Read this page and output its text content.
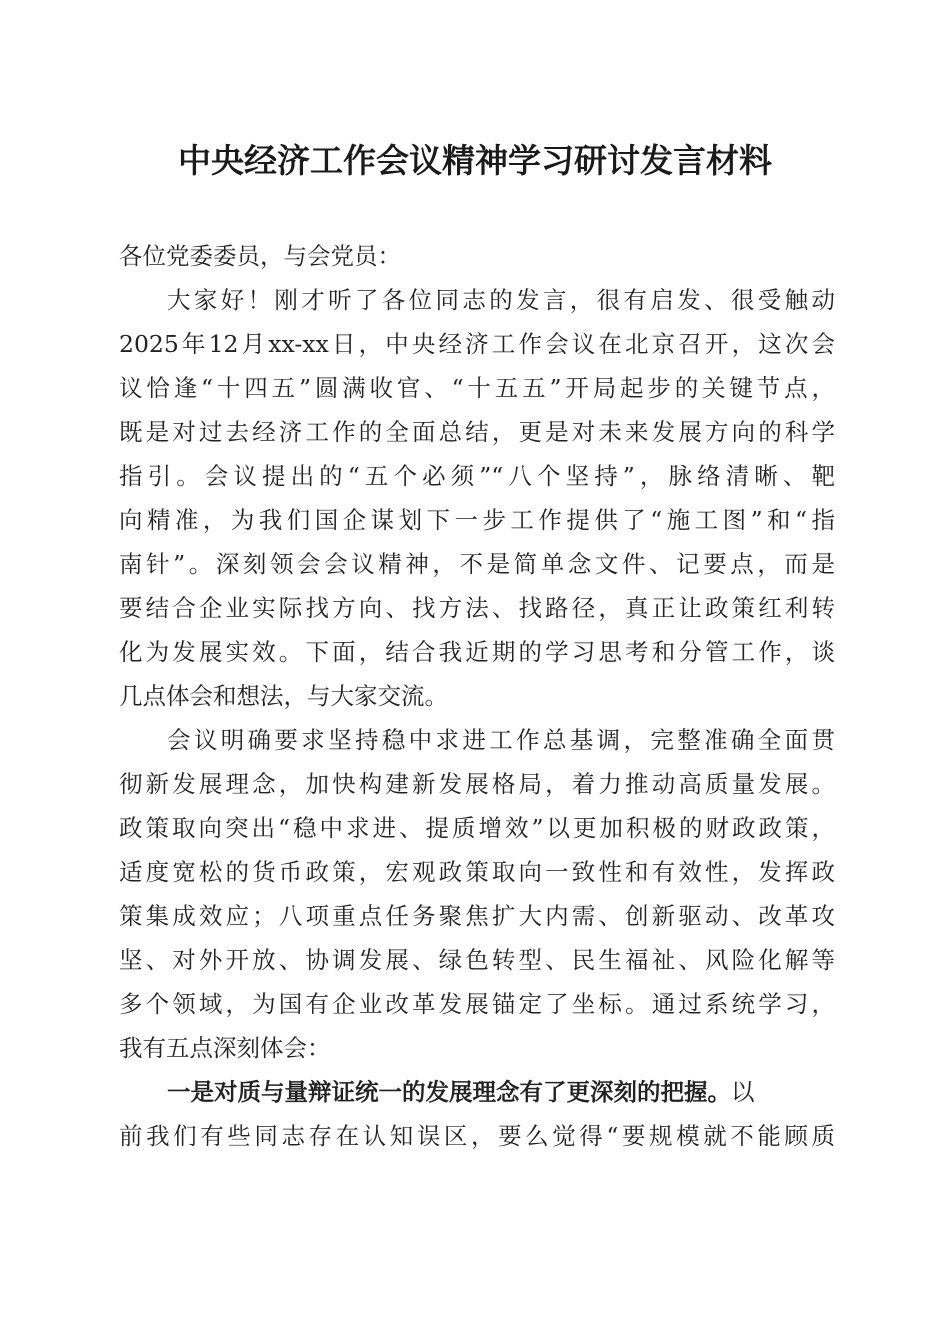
中央经济工作会议精神学习研讨发言材料
各位党委委员，与会党员：
大家好！刚才听了各位同志的发言，很有启发、很受触动
2025年12月xx-xx日，中央经济工作会议在北京召开，这次会
议恰逢“十四五”圆满收官、“十五五”开局起步的关键节点，
既是对过去经济工作的全面总结，更是对未来发展方向的科学
指引。会议提出的“五个必须”“八个坚持”，脉络清晰、靶
向精准，为我们国企谋划下一步工作提供了“施工图”和“指
南针”。深刻领会会议精神，不是简单念文件、记要点，而是
要结合企业实际找方向、找方法、找路径，真正让政策红利转
化为发展实效。下面，结合我近期的学习思考和分管工作，谈
几点体会和想法，与大家交流。
会议明确要求坚持稳中求进工作总基调，完整准确全面贯
彻新发展理念，加快构建新发展格局，着力推动高质量发展。
政策取向突出“稳中求进、提质增效”以更加积极的财政政策，
适度宽松的货币政策，宏观政策取向一致性和有效性，发挥政
策集成效应；八项重点任务聚焦扩大内需、创新驱动、改革攻
坚、对外开放、协调发展、绿色转型、民生福祉、风险化解等
多个领域，为国有企业改革发展锚定了坐标。通过系统学习，
我有五点深刻体会：
一是对质与量辩证统一的发展理念有了更深刻的把握。以
前我们有些同志存在认知误区，要么觉得“要规模就不能顾质
